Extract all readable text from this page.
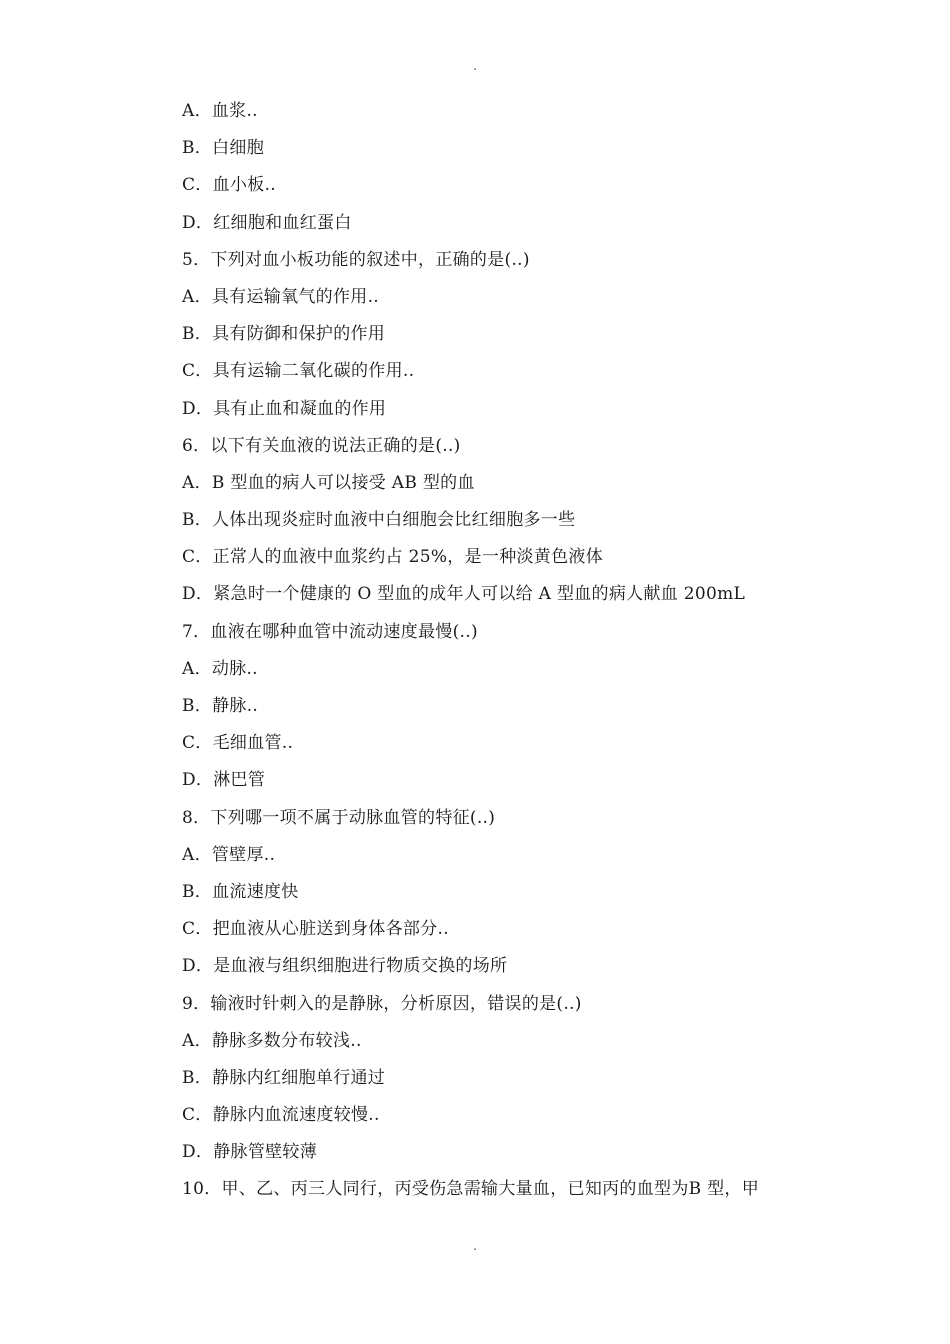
.
A．血浆..
B．白细胞
C．血小板..
D．红细胞和血红蛋白
5．下列对血小板功能的叙述中，正确的是(..)
A．具有运输氧气的作用..
B．具有防御和保护的作用
C．具有运输二氧化碳的作用..
D．具有止血和凝血的作用
6．以下有关血液的说法正确的是(..)
A．B 型血的病人可以接受 AB 型的血
B．人体出现炎症时血液中白细胞会比红细胞多一些
C．正常人的血液中血浆约占 25%，是一种淡黄色液体
D．紧急时一个健康的 O 型血的成年人可以给 A 型血的病人献血 200mL
7．血液在哪种血管中流动速度最慢(..)
A．动脉..
B．静脉..
C．毛细血管..
D．淋巴管
8．下列哪一项不属于动脉血管的特征(..)
A．管壁厚..
B．血流速度快
C．把血液从心脏送到身体各部分..
D．是血液与组织细胞进行物质交换的场所
9．输液时针刺入的是静脉，分析原因，错误的是(..)
A．静脉多数分布较浅..
B．静脉内红细胞单行通过
C．静脉内血流速度较慢..
D．静脉管壁较薄
10．甲、乙、丙三人同行，丙受伤急需输大量血，已知丙的血型为B 型，甲
.
